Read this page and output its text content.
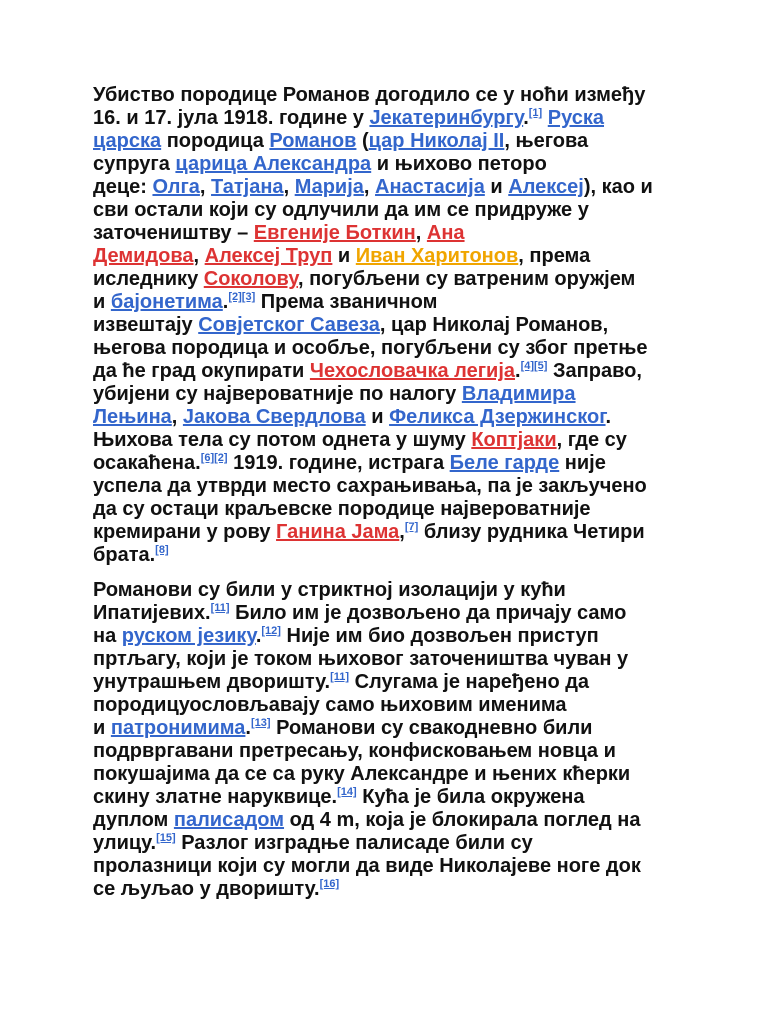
Убиство породице Романов догодило се у ноћи између
16. и 17. јула 1918. године у Јекатеринбургу.[1] Руска
царска породица Романов (цар Николај II, његова
супруга царица Александра и њихово петоро
деце: Олга, Татјана, Марија, Анастасија и Алексеј), као и
сви остали који су одлучили да им се придруже у
заточеништву – Евгеније Боткин, Ана
Демидова, Алексеј Труп и Иван Харитонов, према
иследнику Соколову, погубљени су ватреним оружјем
и бајонетима.[2][3] Према званичном
извештају Совјетског Савеза, цар Николај Романов,
његова породица и особље, погубљени су због претње
да ће град окупирати Чехословачка легија.[4][5] Заправо,
убијени су највероватније по налогу Владимира
Лењина, Јакова Свердлова и Феликса Дзержинског.
Њихова тела су потом однета у шуму Коптјаки, где су
осакаћена.[6][2] 1919. године, истрага Беле гарде није
успела да утврди место сахрањивања, па је закључено
да су остаци краљевске породице највероватније
кремирани у рову Ганина Јама,[7] близу рудника Четири
брата.[8]

Романови су били у стриктној изолацији у кући
Ипатијевих.[11] Било им је дозвољено да причају само
на руском језику.[12] Није им био дозвољен приступ
пртљагу, који је током њиховог заточеништва чуван у
унутрашњем дворишту.[11] Слугама је наређено да
породицуословљавају само њиховим именима
и патронимима.[13] Романови су свакодневно били
подрвргавани претресању, конфисковањем новца и
покушајима да се са руку Александре и њених кћерки
скину златне наруквице.[14] Кућа је била окружена
дуплом палисадом од 4 m, која је блокирала поглед на
улицу.[15] Разлог изградње палисаде били су
пролазници који су могли да виде Николајеве ноге док
се љуљао у дворишту.[16]
